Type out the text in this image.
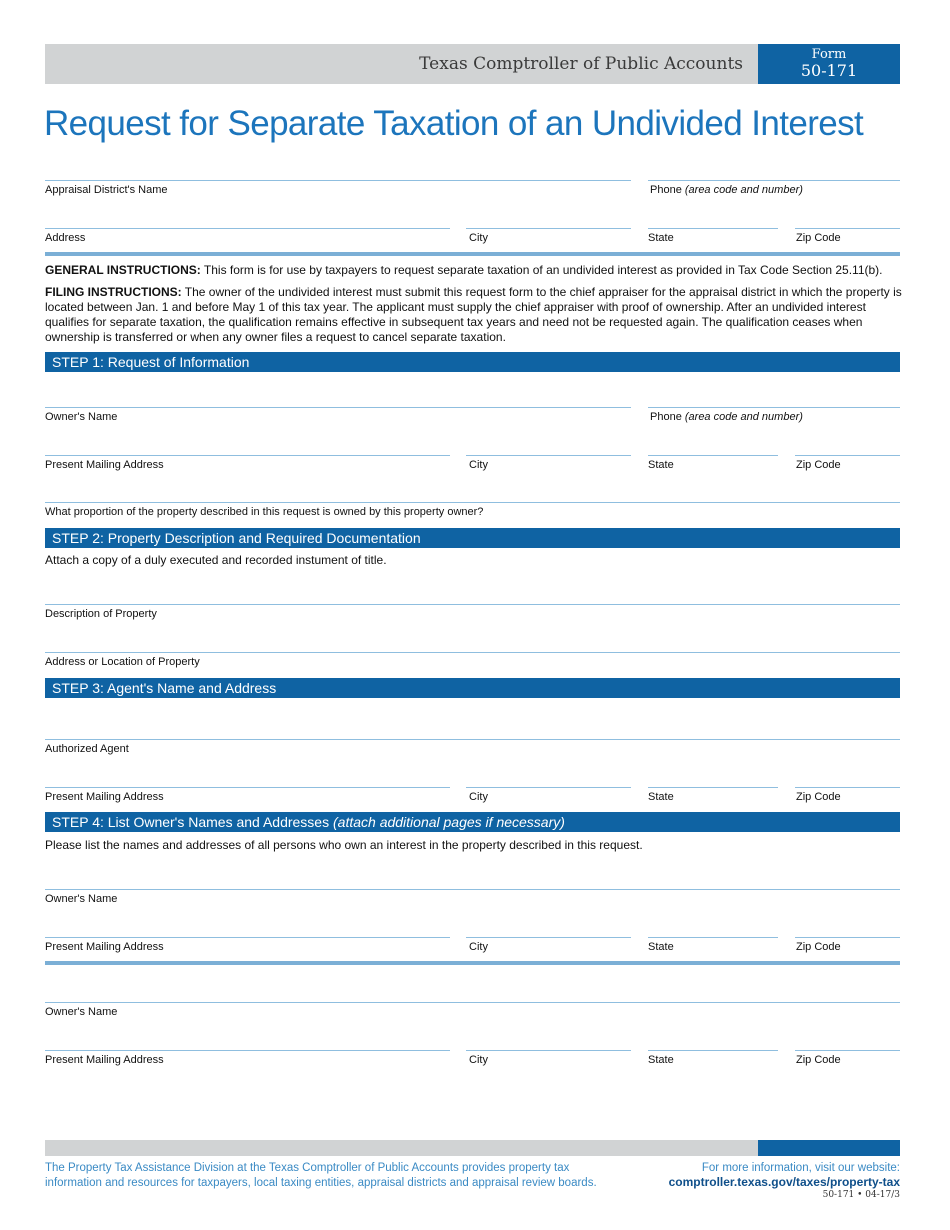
Texas Comptroller of Public Accounts	Form
50-171
Request for Separate Taxation of an Undivided Interest
Appraisal District's Name	Phone (area code and number)
Address	City	State	Zip Code
GENERAL INSTRUCTIONS: This form is for use by taxpayers to request separate taxation of an undivided interest as provided in Tax Code Section 25.11(b).
FILING INSTRUCTIONS: The owner of the undivided interest must submit this request form to the chief appraiser for the appraisal district in which the property is located between Jan. 1 and before May 1 of this tax year. The applicant must supply the chief appraiser with proof of ownership. After an undivided interest qualifies for separate taxation, the qualification remains effective in subsequent tax years and need not be requested again. The qualification ceases when ownership is transferred or when any owner files a request to cancel separate taxation.
STEP 1: Request of Information
Owner's Name	Phone (area code and number)
Present Mailing Address	City	State	Zip Code
What proportion of the property described in this request is owned by this property owner?
STEP 2: Property Description and Required Documentation
Attach a copy of a duly executed and recorded instument of title.
Description of Property
Address or Location of Property
STEP 3: Agent's Name and Address
Authorized Agent
Present Mailing Address	City	State	Zip Code
STEP 4: List Owner's Names and Addresses (attach additional pages if necessary)
Please list the names and addresses of all persons who own an interest in the property described in this request.
Owner's Name
Present Mailing Address	City	State	Zip Code
Owner's Name
Present Mailing Address	City	State	Zip Code
The Property Tax Assistance Division at the Texas Comptroller of Public Accounts provides property tax information and resources for taxpayers, local taxing entities, appraisal districts and appraisal review boards.
For more information, visit our website:
comptroller.texas.gov/taxes/property-tax
50-171 • 04-17/3
